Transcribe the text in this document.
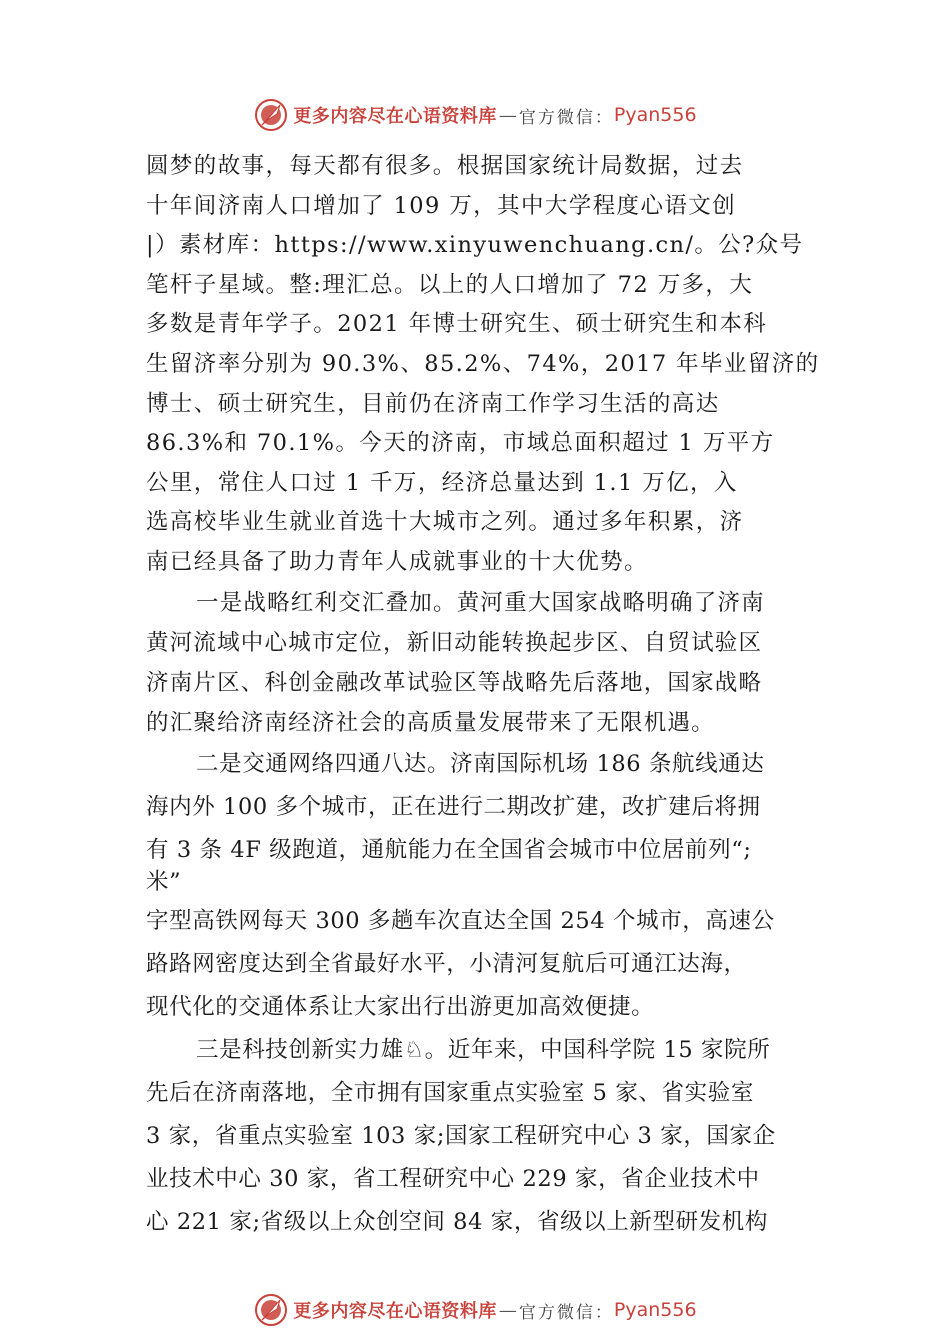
更多内容尽在心语资料库 — 官方微信： Pyan556

圆梦的故事，每天都有很多。根据国家统计局数据，过去
十年间济南人口增加了 109 万，其中大学程度心语文创
|）素材库：https://www.xinyuwenchuang.cn/。公?众号
笔杆子星域。整:理汇总。以上的人口增加了 72 万多，大
多数是青年学子。2021 年博士研究生、硕士研究生和本科
生留济率分别为 90.3%、85.2%、74%，2017 年毕业留济的
博士、硕士研究生，目前仍在济南工作学习生活的高达
86.3%和 70.1%。今天的济南，市域总面积超过 1 万平方
公里，常住人口过 1 千万，经济总量达到 1.1 万亿，入
选高校毕业生就业首选十大城市之列。通过多年积累，济
南已经具备了助力青年人成就事业的十大优势。

一是战略红利交汇叠加。黄河重大国家战略明确了济南
黄河流域中心城市定位，新旧动能转换起步区、自贸试验区
济南片区、科创金融改革试验区等战略先后落地，国家战略
的汇聚给济南经济社会的高质量发展带来了无限机遇。

二是交通网络四通八达。济南国际机场 186 条航线通达
海内外 100 多个城市，正在进行二期改扩建，改扩建后将拥
有 3 条 4F 级跑道，通航能力在全国省会城市中位居前列“;
米”
字型高铁网每天 300 多趟车次直达全国 254 个城市，高速公
路路网密度达到全省最好水平，小清河复航后可通江达海，
现代化的交通体系让大家出行出游更加高效便捷。

三是科技创新实力雄♘。近年来，中国科学院 15 家院所
先后在济南落地，全市拥有国家重点实验室 5 家、省实验室
3 家，省重点实验室 103 家;国家工程研究中心 3 家，国家企
业技术中心 30 家，省工程研究中心 229 家，省企业技术中
心 221 家;省级以上众创空间 84 家，省级以上新型研发机构

更多内容尽在心语资料库 — 官方微信： Pyan556
